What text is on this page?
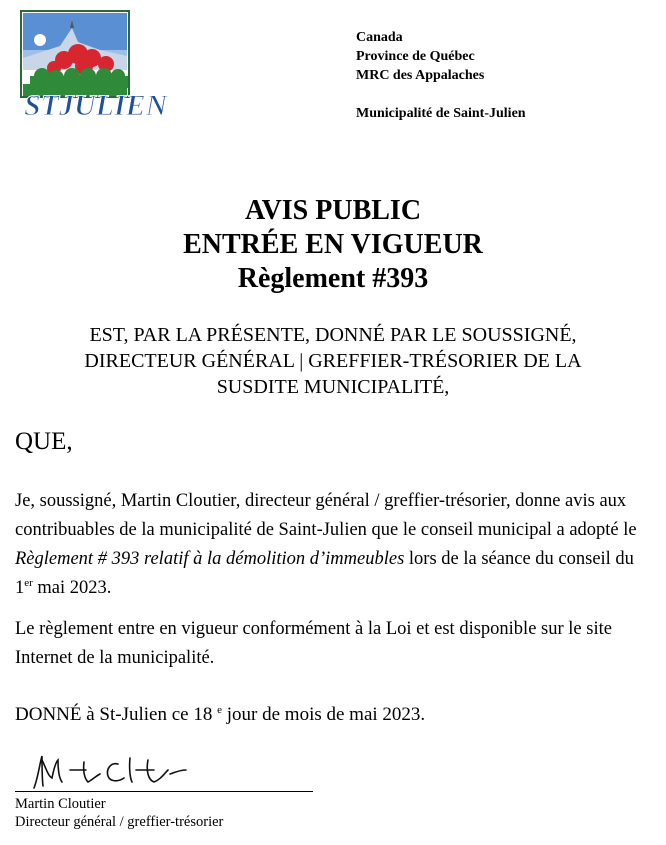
STJULIEN
Canada
Province de Québec
MRC des Appalaches
Municipalité de Saint-Julien
AVIS PUBLIC
ENTRÉE EN VIGUEUR
Règlement #393
EST, PAR LA PRÉSENTE, DONNÉ PAR LE SOUSSIGNÉ,
DIRECTEUR GÉNÉRAL | GREFFIER-TRÉSORIER DE LA
SUSDITE MUNICIPALITÉ,
QUE,

Je, soussigné, Martin Cloutier, directeur général / greffier-trésorier, donne avis aux contribuables de la municipalité de Saint-Julien que le conseil municipal a adopté le Règlement # 393 relatif à la démolition d’immeubles lors de la séance du conseil du 1er mai 2023.

Le règlement entre en vigueur conformément à la Loi et est disponible sur le site Internet de la municipalité.

DONNÉ à St-Julien ce 18 $^e$ jour de mois de mai 2023.
Martin Cloutier
Directeur général / greffier-trésorier
